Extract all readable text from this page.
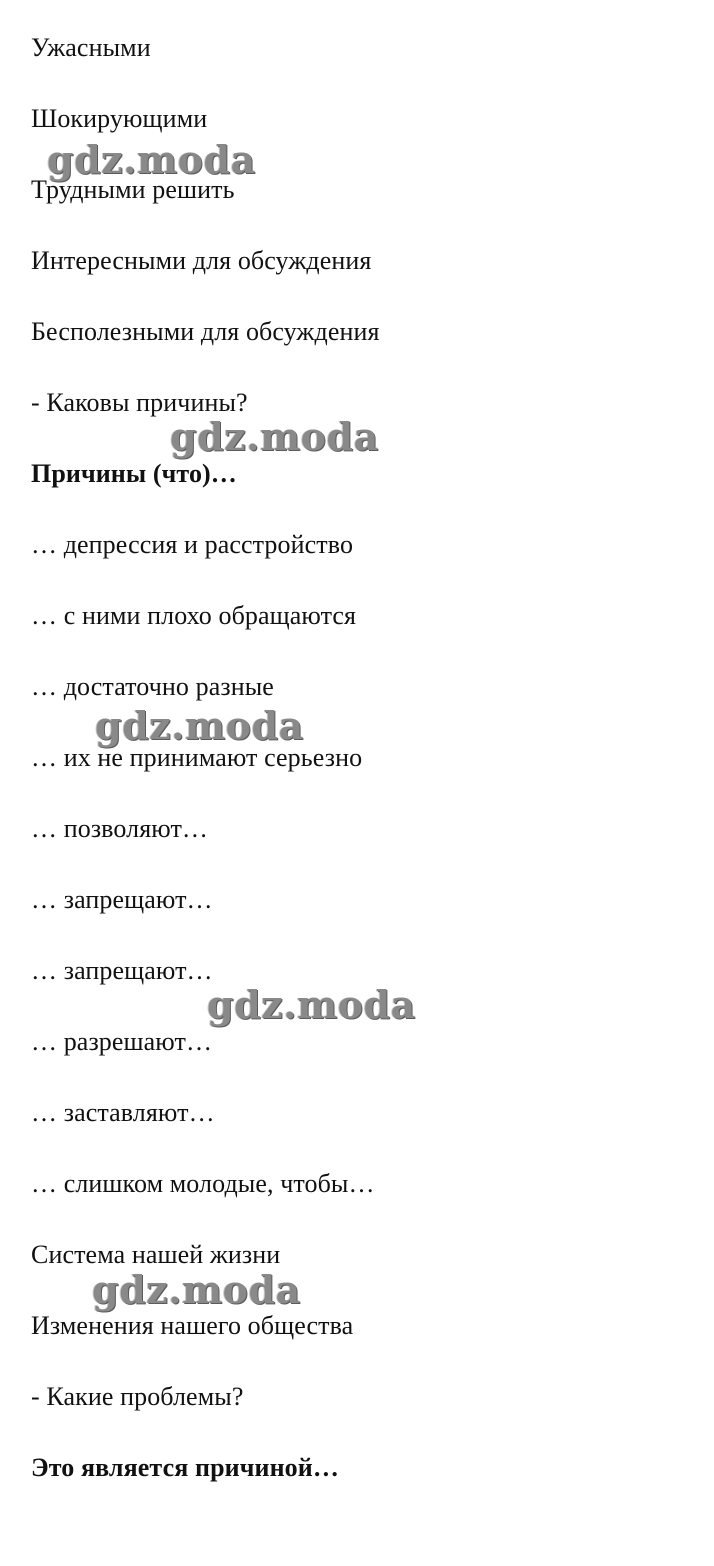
Ужасными
Шокирующими
Трудными решить
Интересными для обсуждения
Бесполезными для обсуждения
- Каковы причины?
Причины (что)…
… депрессия и расстройство
… с ними плохо обращаются
… достаточно разные
… их не принимают серьезно
… позволяют…
… запрещают…
… запрещают…
… разрешают…
… заставляют…
… слишком молодые, чтобы…
Система нашей жизни
Изменения нашего общества
- Какие проблемы?
Это является причиной…
gdz.moda
gdz.moda
gdz.moda
gdz.moda
gdz.moda
